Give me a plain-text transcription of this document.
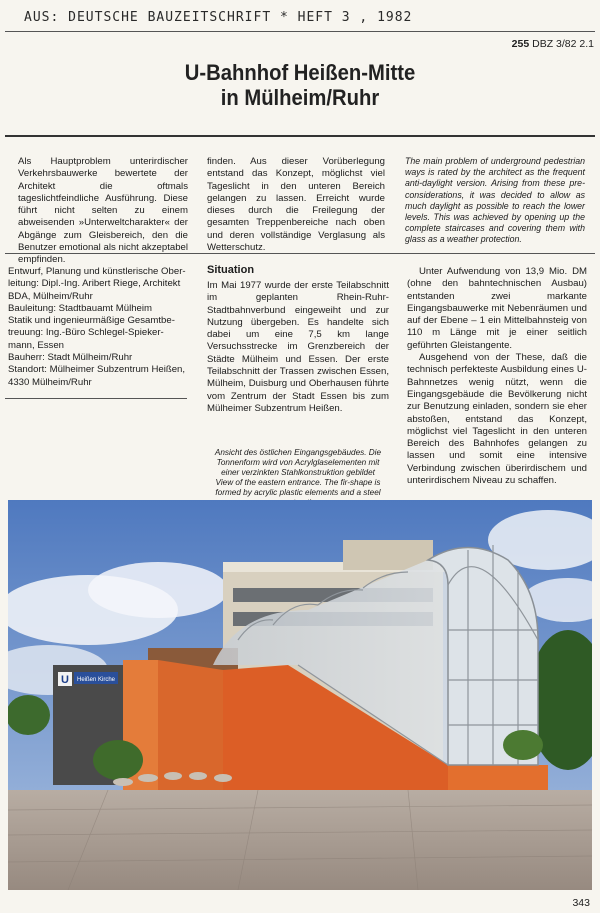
AUS: DEUTSCHE BAUZEITSCHRIFT * HEFT 3 , 1982
255 DBZ 3/82 2.1
U-Bahnhof Heißen-Mitte
in Mülheim/Ruhr

Als Hauptproblem unterirdischer Verkehrsbauwerke bewertete der Architekt die oftmals tageslichtfeindliche Ausführung. Diese führt nicht selten zu einem abweisenden »Unterweltcharakter« der Abgänge zum Gleisbereich, den die Benutzer emotional als nicht akzeptabel empfinden.

finden. Aus dieser Vorüberlegung entstand das Konzept, möglichst viel Tageslicht in den unteren Bereich gelangen zu lassen. Erreicht wurde dieses durch die Freilegung der gesamten Treppenbereiche nach oben und deren vollständige Verglasung als Wetterschutz.

The main problem of underground pedestrian ways is rated by the architect as the frequent anti-daylight version. Arising from these pre-considerations, it was decided to allow as much daylight as possible to reach the lower levels. This was achieved by opening up the complete staircases and covering them with glass as a weather protection.

Entwurf, Planung und künstlerische Ober-
leitung: Dipl.-Ing. Aribert Riege, Architekt
BDA, Mülheim/Ruhr
Bauleitung: Stadtbauamt Mülheim
Statik und ingenieurmäßige Gesamtbe-
treuung: Ing.-Büro Schlegel-Spieker-
mann, Essen
Bauherr: Stadt Mülheim/Ruhr
Standort: Mülheimer Subzentrum Heißen,
4330 Mülheim/Ruhr
Situation

Im Mai 1977 wurde der erste Teilabschnitt im geplanten Rhein-Ruhr-Stadtbahnverbund eingeweiht und zur Nutzung übergeben. Es handelte sich dabei um eine 7,5 km lange Versuchsstrecke im Grenzbereich der Städte Mülheim und Essen. Der erste Teilabschnitt der Trassen zwischen Essen, Mülheim, Duisburg und Oberhausen führte vom Zentrum der Stadt Essen bis zum Mülheimer Subzentrum Heißen.

Ansicht des östlichen Eingangsgebäudes. Die Tonnenform wird von Acrylglaselementen mit einer verzinkten Stahlkonstruktion gebildet
View of the eastern entrance. The fir-shape is formed by acrylic plastic elements and a steel

Unter Aufwendung von 13,9 Mio. DM (ohne den bahntechnischen Ausbau) entstanden zwei markante Eingangsbauwerke mit Nebenräumen und auf der Ebene – 1 ein Mittelbahnsteig von 110 m Länge mit je einer seitlich geführten Gleistangente.

Ausgehend von der These, daß die technisch perfekteste Ausbildung eines U-Bahnnetzes wenig nützt, wenn die Eingangsgebäude die Bevölkerung nicht zur Benutzung einladen, sondern sie eher abstoßen, entstand das Konzept, möglichst viel Tageslicht in den unteren Bereich des Bahnhofes gelangen zu lassen und somit eine intensive Verbindung zwischen überirdischem und unterirdischem Niveau zu schaffen.

U Heißen Kirche
343
